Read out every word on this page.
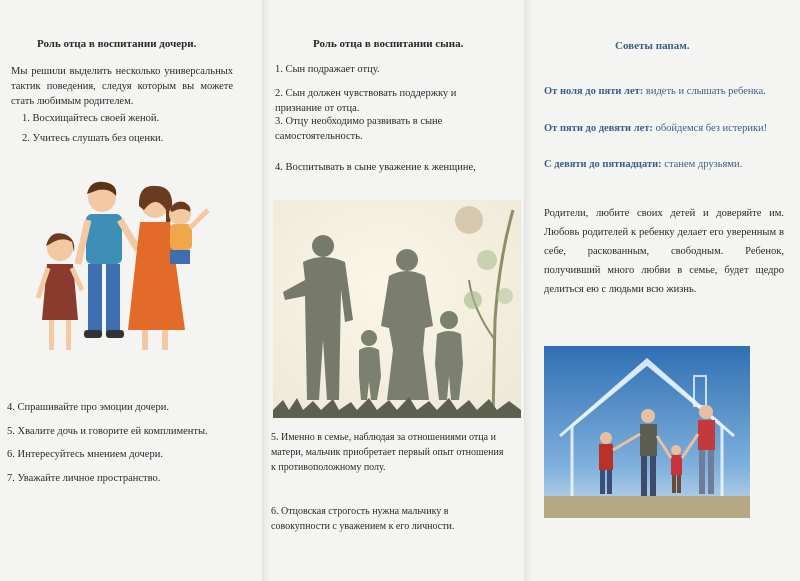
Роль отца в воспитании дочери.
Мы решили выделить несколько универсальных тактик поведения, следуя которым вы можете стать любимым родителем.
1. Восхищайтесь своей женой.
2. Учитесь слушать без оценки.
4. Спрашивайте про эмоции дочери.
5. Хвалите дочь и говорите ей комплименты.
6. Интересуйтесь мнением дочери.
7. Уважайте личное пространство.
Роль отца в воспитании сына.
1. Сын подражает отцу.
2. Сын должен чувствовать поддержку и признание от отца.
3. Отцу необходимо развивать в сыне самостоятельность.
4. Воспитывать в сыне уважение к женщине,
5. Именно в семье, наблюдая за отношениями отца и матери, мальчик приобретает первый опыт отношения к противоположному полу.
6. Отцовская строгость нужна мальчику в совокупности с уважением к его личности.
Советы папам.
От ноля до пяти лет: видеть и слышать ребенка.
От пяти до девяти лет: обойдемся без истерики!
С девяти до пятнадцати: станем друзьями.
Родители, любите своих детей и доверяйте им. Любовь родителей к ребенку делает его уверенным в себе, раскованным, свободным. Ребенок, получивший много любви в семье, будет щедро делиться ею с людьми всю жизнь.
